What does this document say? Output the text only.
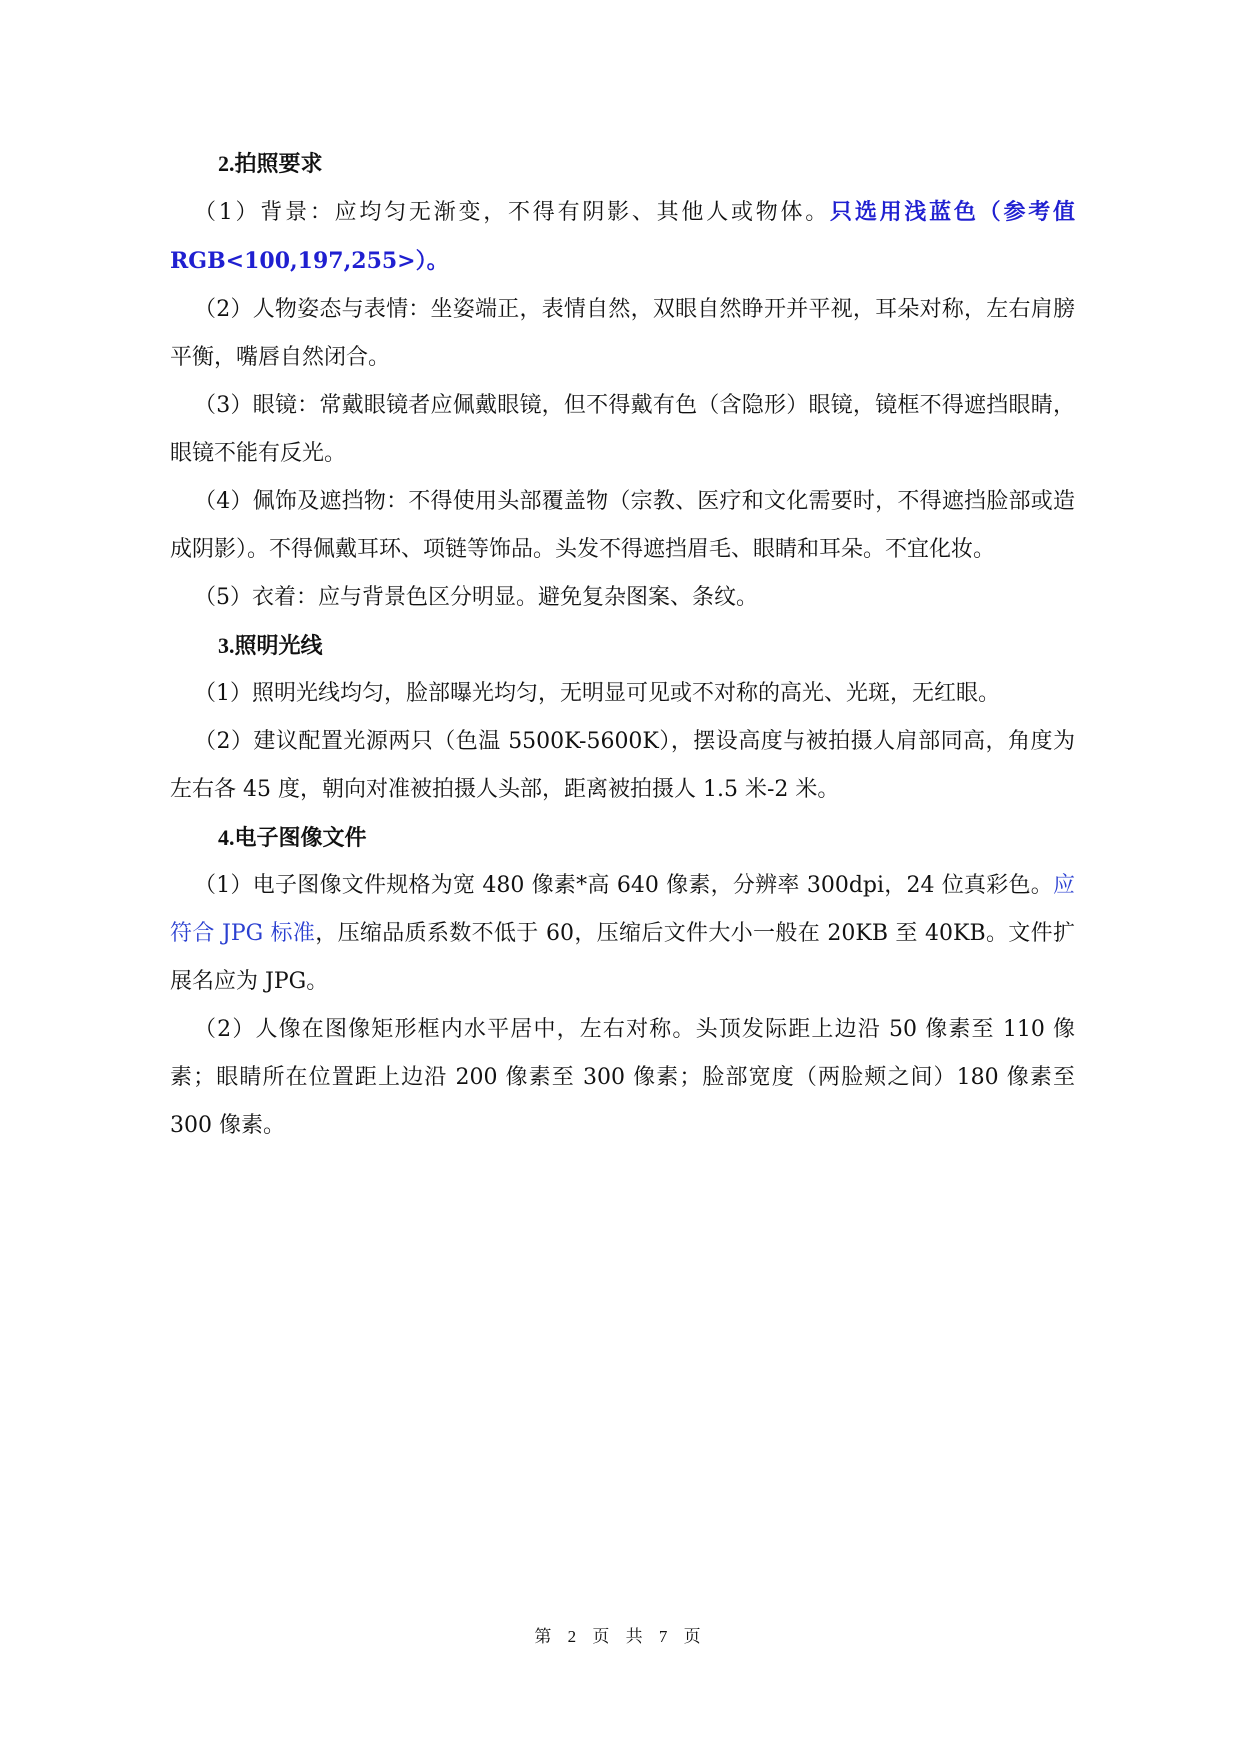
2.拍照要求

（1）背景：应均匀无渐变，不得有阴影、其他人或物体。只选用浅蓝色（参考值 RGB<100,197,255>）。

（2）人物姿态与表情：坐姿端正，表情自然，双眼自然睁开并平视，耳朵对称，左右肩膀平衡，嘴唇自然闭合。

（3）眼镜：常戴眼镜者应佩戴眼镜，但不得戴有色（含隐形）眼镜，镜框不得遮挡眼睛，眼镜不能有反光。

（4）佩饰及遮挡物：不得使用头部覆盖物（宗教、医疗和文化需要时，不得遮挡脸部或造成阴影）。不得佩戴耳环、项链等饰品。头发不得遮挡眉毛、眼睛和耳朵。不宜化妆。

（5）衣着：应与背景色区分明显。避免复杂图案、条纹。

3.照明光线

（1）照明光线均匀，脸部曝光均匀，无明显可见或不对称的高光、光斑，无红眼。

（2）建议配置光源两只（色温 5500K-5600K），摆设高度与被拍摄人肩部同高，角度为左右各 45 度，朝向对准被拍摄人头部，距离被拍摄人 1.5 米-2 米。

4.电子图像文件

（1）电子图像文件规格为宽 480 像素*高 640 像素，分辨率 300dpi，24 位真彩色。应符合 JPG 标准，压缩品质系数不低于 60，压缩后文件大小一般在 20KB 至 40KB。文件扩展名应为 JPG。

（2）人像在图像矩形框内水平居中，左右对称。头顶发际距上边沿 50 像素至 110 像素；眼睛所在位置距上边沿 200 像素至 300 像素；脸部宽度（两脸颊之间）180 像素至 300 像素。

第 2 页 共 7 页
